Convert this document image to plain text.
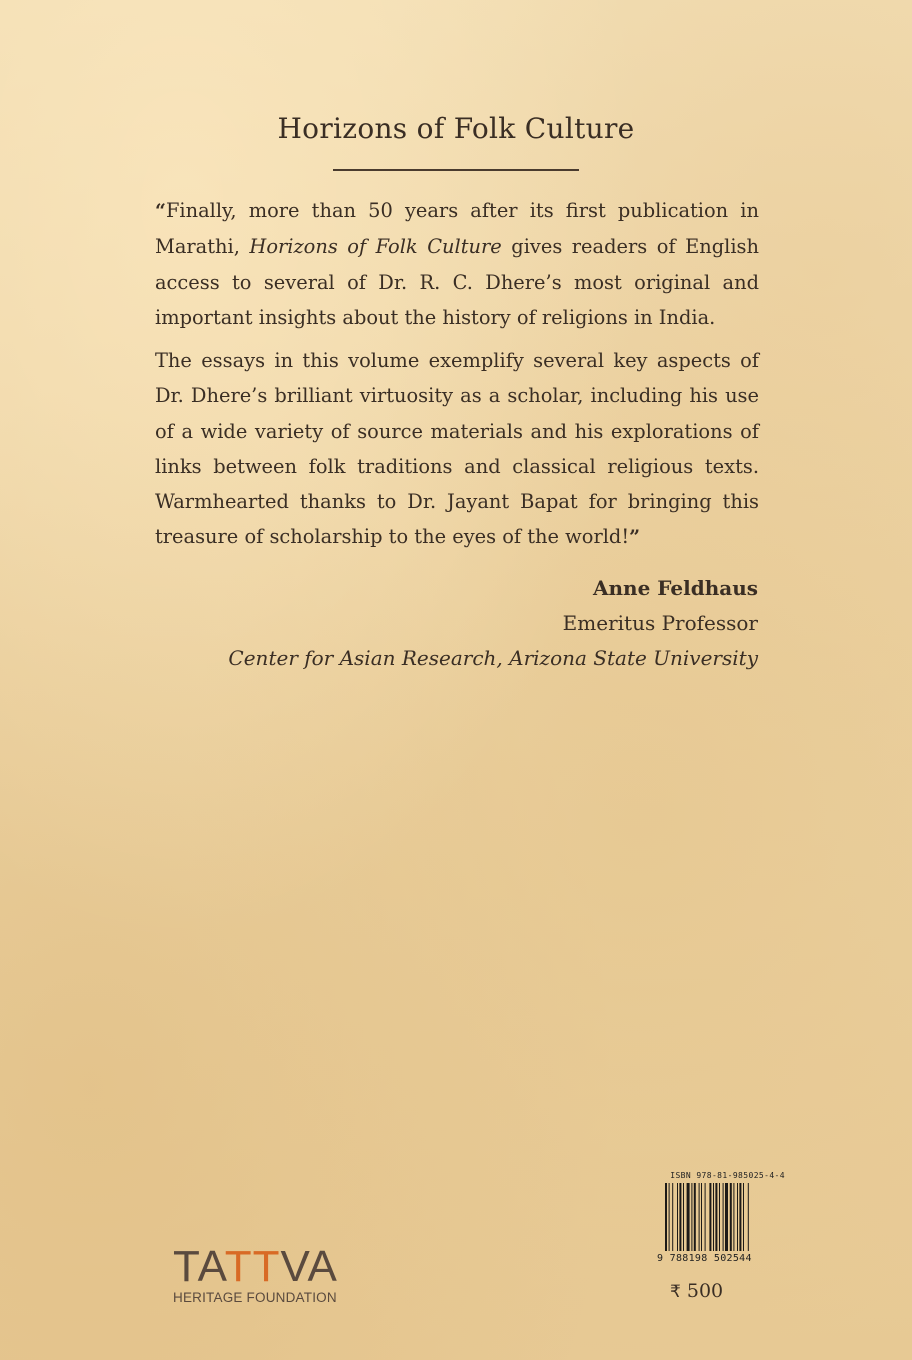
Horizons of Folk Culture
“Finally, more than 50 years after its first publication in Marathi, Horizons of Folk Culture gives readers of English access to several of Dr. R. C. Dhere’s most original and important insights about the history of religions in India.
The essays in this volume exemplify several key aspects of Dr. Dhere’s brilliant virtuosity as a scholar, including his use of a wide variety of source materials and his explorations of links between folk traditions and classical religious texts. Warmhearted thanks to Dr. Jayant Bapat for bringing this treasure of scholarship to the eyes of the world!”
Anne Feldhaus
Emeritus Professor
Center for Asian Research, Arizona State University
TATTVA
HERITAGE FOUNDATION
ISBN 978-81-985025-4-4
9 788198 502544
₹ 500
